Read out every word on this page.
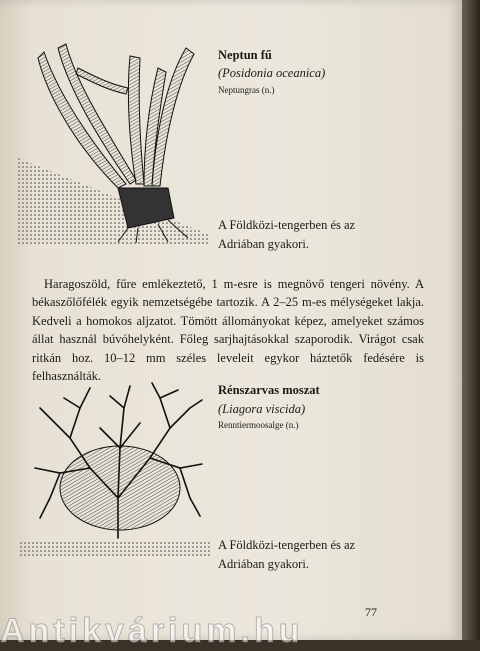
Neptun fű
(Posidonia oceanica)
Neptungras (n.)
A Földközi-tengerben és az Adriában gyakori.

Haragoszöld, fűre emlékeztető, 1 m-esre is megnövő tengeri növény. A békaszőlőfélék egyik nemzetségébe tartozik. A 2–25 m-es mélységeket lakja. Kedveli a homokos aljzatot. Tömött állományokat képez, amelyeket számos állat használ búvóhelyként. Főleg sarjhajtásokkal szaporodik. Virágot csak ritkán hoz. 10–12 mm széles leveleit egykor háztetők fedésére is felhasználták.

Rénszarvas moszat
(Liagora viscida)
Renntiermoosalge (n.)
A Földközi-tengerben és az Adriában gyakori.
77
Antikvárium.hu
